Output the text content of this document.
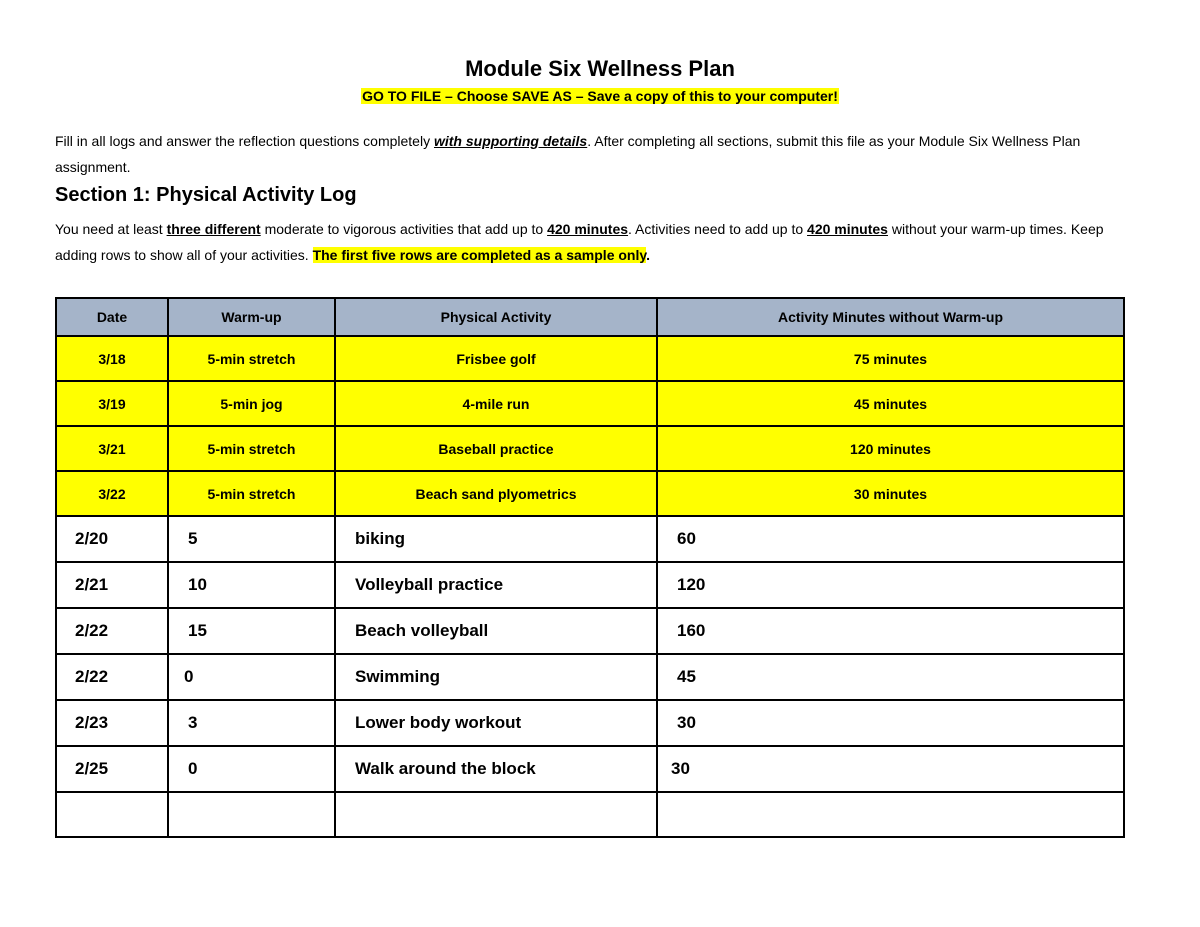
Module Six Wellness Plan
GO TO FILE – Choose SAVE AS – Save a copy of this to your computer!
Fill in all logs and answer the reflection questions completely with supporting details. After completing all sections, submit this file as your Module Six Wellness Plan assignment.
Section 1: Physical Activity Log
You need at least three different moderate to vigorous activities that add up to 420 minutes. Activities need to add up to 420 minutes without your warm-up times. Keep adding rows to show all of your activities. The first five rows are completed as a sample only.
Date	Warm-up	Physical Activity	Activity Minutes without Warm-up
3/18	5-min stretch	Frisbee golf	75 minutes
3/19	5-min jog	4-mile run	45 minutes
3/21	5-min stretch	Baseball practice	120 minutes
3/22	5-min stretch	Beach sand plyometrics	30 minutes
2/20	5	biking	60
2/21	10	Volleyball practice	120
2/22	15	Beach volleyball	160
2/22	0	Swimming	45
2/23	3	Lower body workout	30
2/25	0	Walk around the block	30
